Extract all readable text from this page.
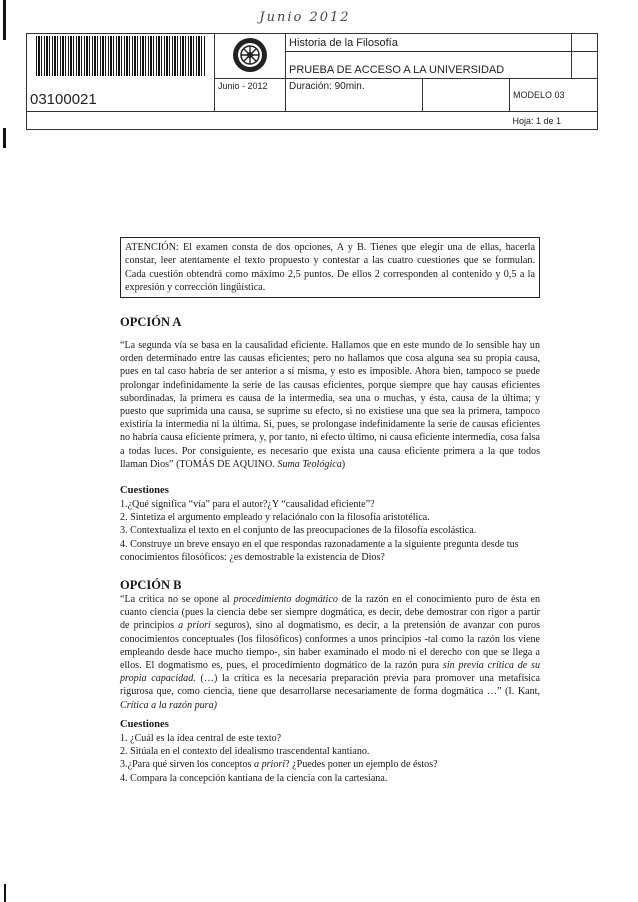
Junio 2012
		Historia de la Filosofía			
		PRUEBA DE ACCESO A LA UNIVERSIDAD			
03100021	Junio - 2012	Duración: 90min.		MODELO 03	
				Hoja: 1 de 1	
ATENCIÓN: El examen consta de dos opciones, A y B. Tienes que elegir una de ellas, hacerla constar, leer atentamente el texto propuesto y contestar a las cuatro cuestiones que se formulan. Cada cuestión obtendrá como máximo 2,5 puntos. De ellos 2 corresponden al contenido y 0,5 a la expresión y corrección lingüística.
OPCIÓN A
“La segunda vía se basa en la causalidad eficiente. Hallamos que en este mundo de lo sensible hay un orden determinado entre las causas eficientes; pero no hallamos que cosa alguna sea su propia causa, pues en tal caso habría de ser anterior a sí misma, y esto es imposible. Ahora bien, tampoco se puede prolongar indefinidamente la serie de las causas eficientes, porque siempre que hay causas eficientes subordinadas, la primera es causa de la intermedia, sea una o muchas, y ésta, causa de la última; y puesto que suprimida una causa, se suprime su efecto, si no existiese una que sea la primera, tampoco existiría la intermedia ni la última. Si, pues, se prolongase indefinidamente la serie de causas eficientes no habría causa eficiente primera, y, por tanto, ni efecto último, ni causa eficiente intermedia, cosa falsa a todas luces. Por consiguiente, es necesario que exista una causa eficiente primera a la que todos llaman Dios” (TOMÁS DE AQUINO. Suma Teológica)
Cuestiones
1.¿Qué significa “vía” para el autor?¿Y “causalidad eficiente”?
2. Sintetiza el argumento empleado y relaciónalo con la filosofía aristotélica.
3. Contextualiza el texto en el conjunto de las preocupaciones de la filosofía escolástica.
4. Construye un breve ensayo en el que respondas razonadamente a la siguiente pregunta desde tus conocimientos filosóficos: ¿es demostrable la existencia de Dios?
OPCIÓN B
“La crítica no se opone al procedimiento dogmático de la razón en el conocimiento puro de ésta en cuanto ciencia (pues la ciencia debe ser siempre dogmática, es decir, debe demostrar con rigor a partir de principios a priori seguros), sino al dogmatismo, es decir, a la pretensión de avanzar con puros conocimientos conceptuales (los filosóficos) conformes a unos principios -tal como la razón los viene empleando desde hace mucho tiempo-, sin haber examinado el modo ni el derecho con que se llega a ellos. El dogmatismo es, pues, el procedimiento dogmático de la razón pura sin previa crítica de su propia capacidad. (…) la crítica es la necesaria preparación previa para promover una metafísica rigurosa que, como ciencia, tiene que desarrollarse necesariamente de forma dogmática …” (I. Kant, Crítica a la razón pura)
Cuestiones
1. ¿Cuál es la idea central de este texto?
2. Sitúala en el contexto del idealismo trascendental kantiano.
3.¿Para qué sirven los conceptos a priori? ¿Puedes poner un ejemplo de éstos?
4. Compara la concepción kantiana de la ciencia con la cartesiana.
